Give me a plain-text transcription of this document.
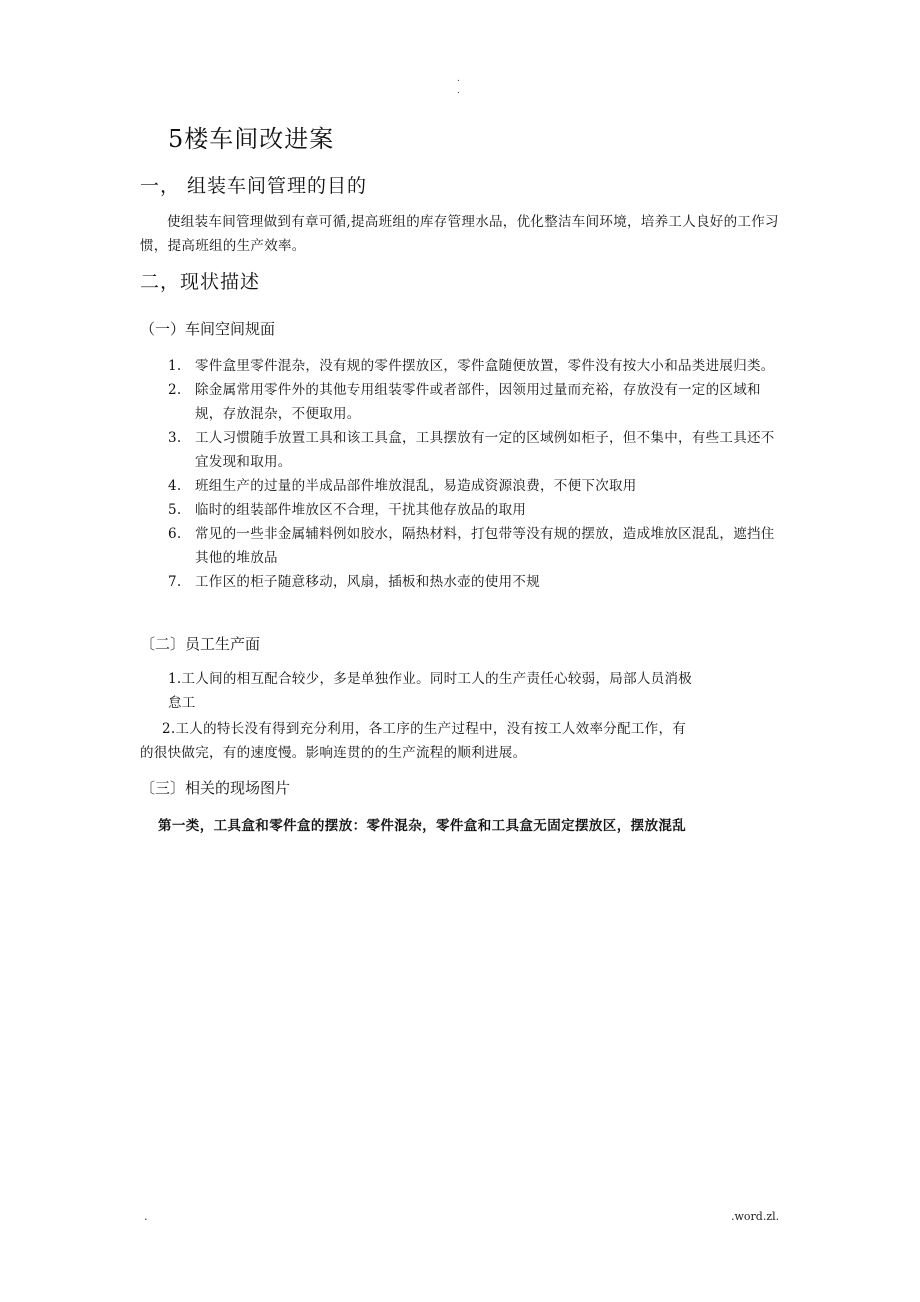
.
.
5楼车间改进案
一， 组装车间管理的目的
使组装车间管理做到有章可循,提高班组的库存管理水品，优化整洁车间环境，培养工人良好的工作习惯，提高班组的生产效率。
二，现状描述
（一）车间空间规面
1.	零件盒里零件混杂，没有规的零件摆放区，零件盒随便放置，零件没有按大小和品类进展归类。
2.	除金属常用零件外的其他专用组装零件或者部件，因领用过量而充裕，存放没有一定的区域和规，存放混杂，不便取用。
3.	工人习惯随手放置工具和该工具盒，工具摆放有一定的区域例如柜子，但不集中，有些工具还不宜发现和取用。
4.	班组生产的过量的半成品部件堆放混乱，易造成资源浪费，不便下次取用
5.	临时的组装部件堆放区不合理，干扰其他存放品的取用
6.	常见的一些非金属辅料例如胶水，隔热材料，打包带等没有规的摆放，造成堆放区混乱，遮挡住其他的堆放品
7.	工作区的柜子随意移动，风扇，插板和热水壶的使用不规
〔二〕员工生产面
1.工人间的相互配合较少，多是单独作业。同时工人的生产责任心较弱，局部人员消极
怠工
2.工人的特长没有得到充分利用，各工序的生产过程中，没有按工人效率分配工作，有
的很快做完，有的速度慢。影响连贯的的生产流程的顺利进展。
〔三〕相关的现场图片
第一类，工具盒和零件盒的摆放：零件混杂，零件盒和工具盒无固定摆放区，摆放混乱
.	.word.zl.
